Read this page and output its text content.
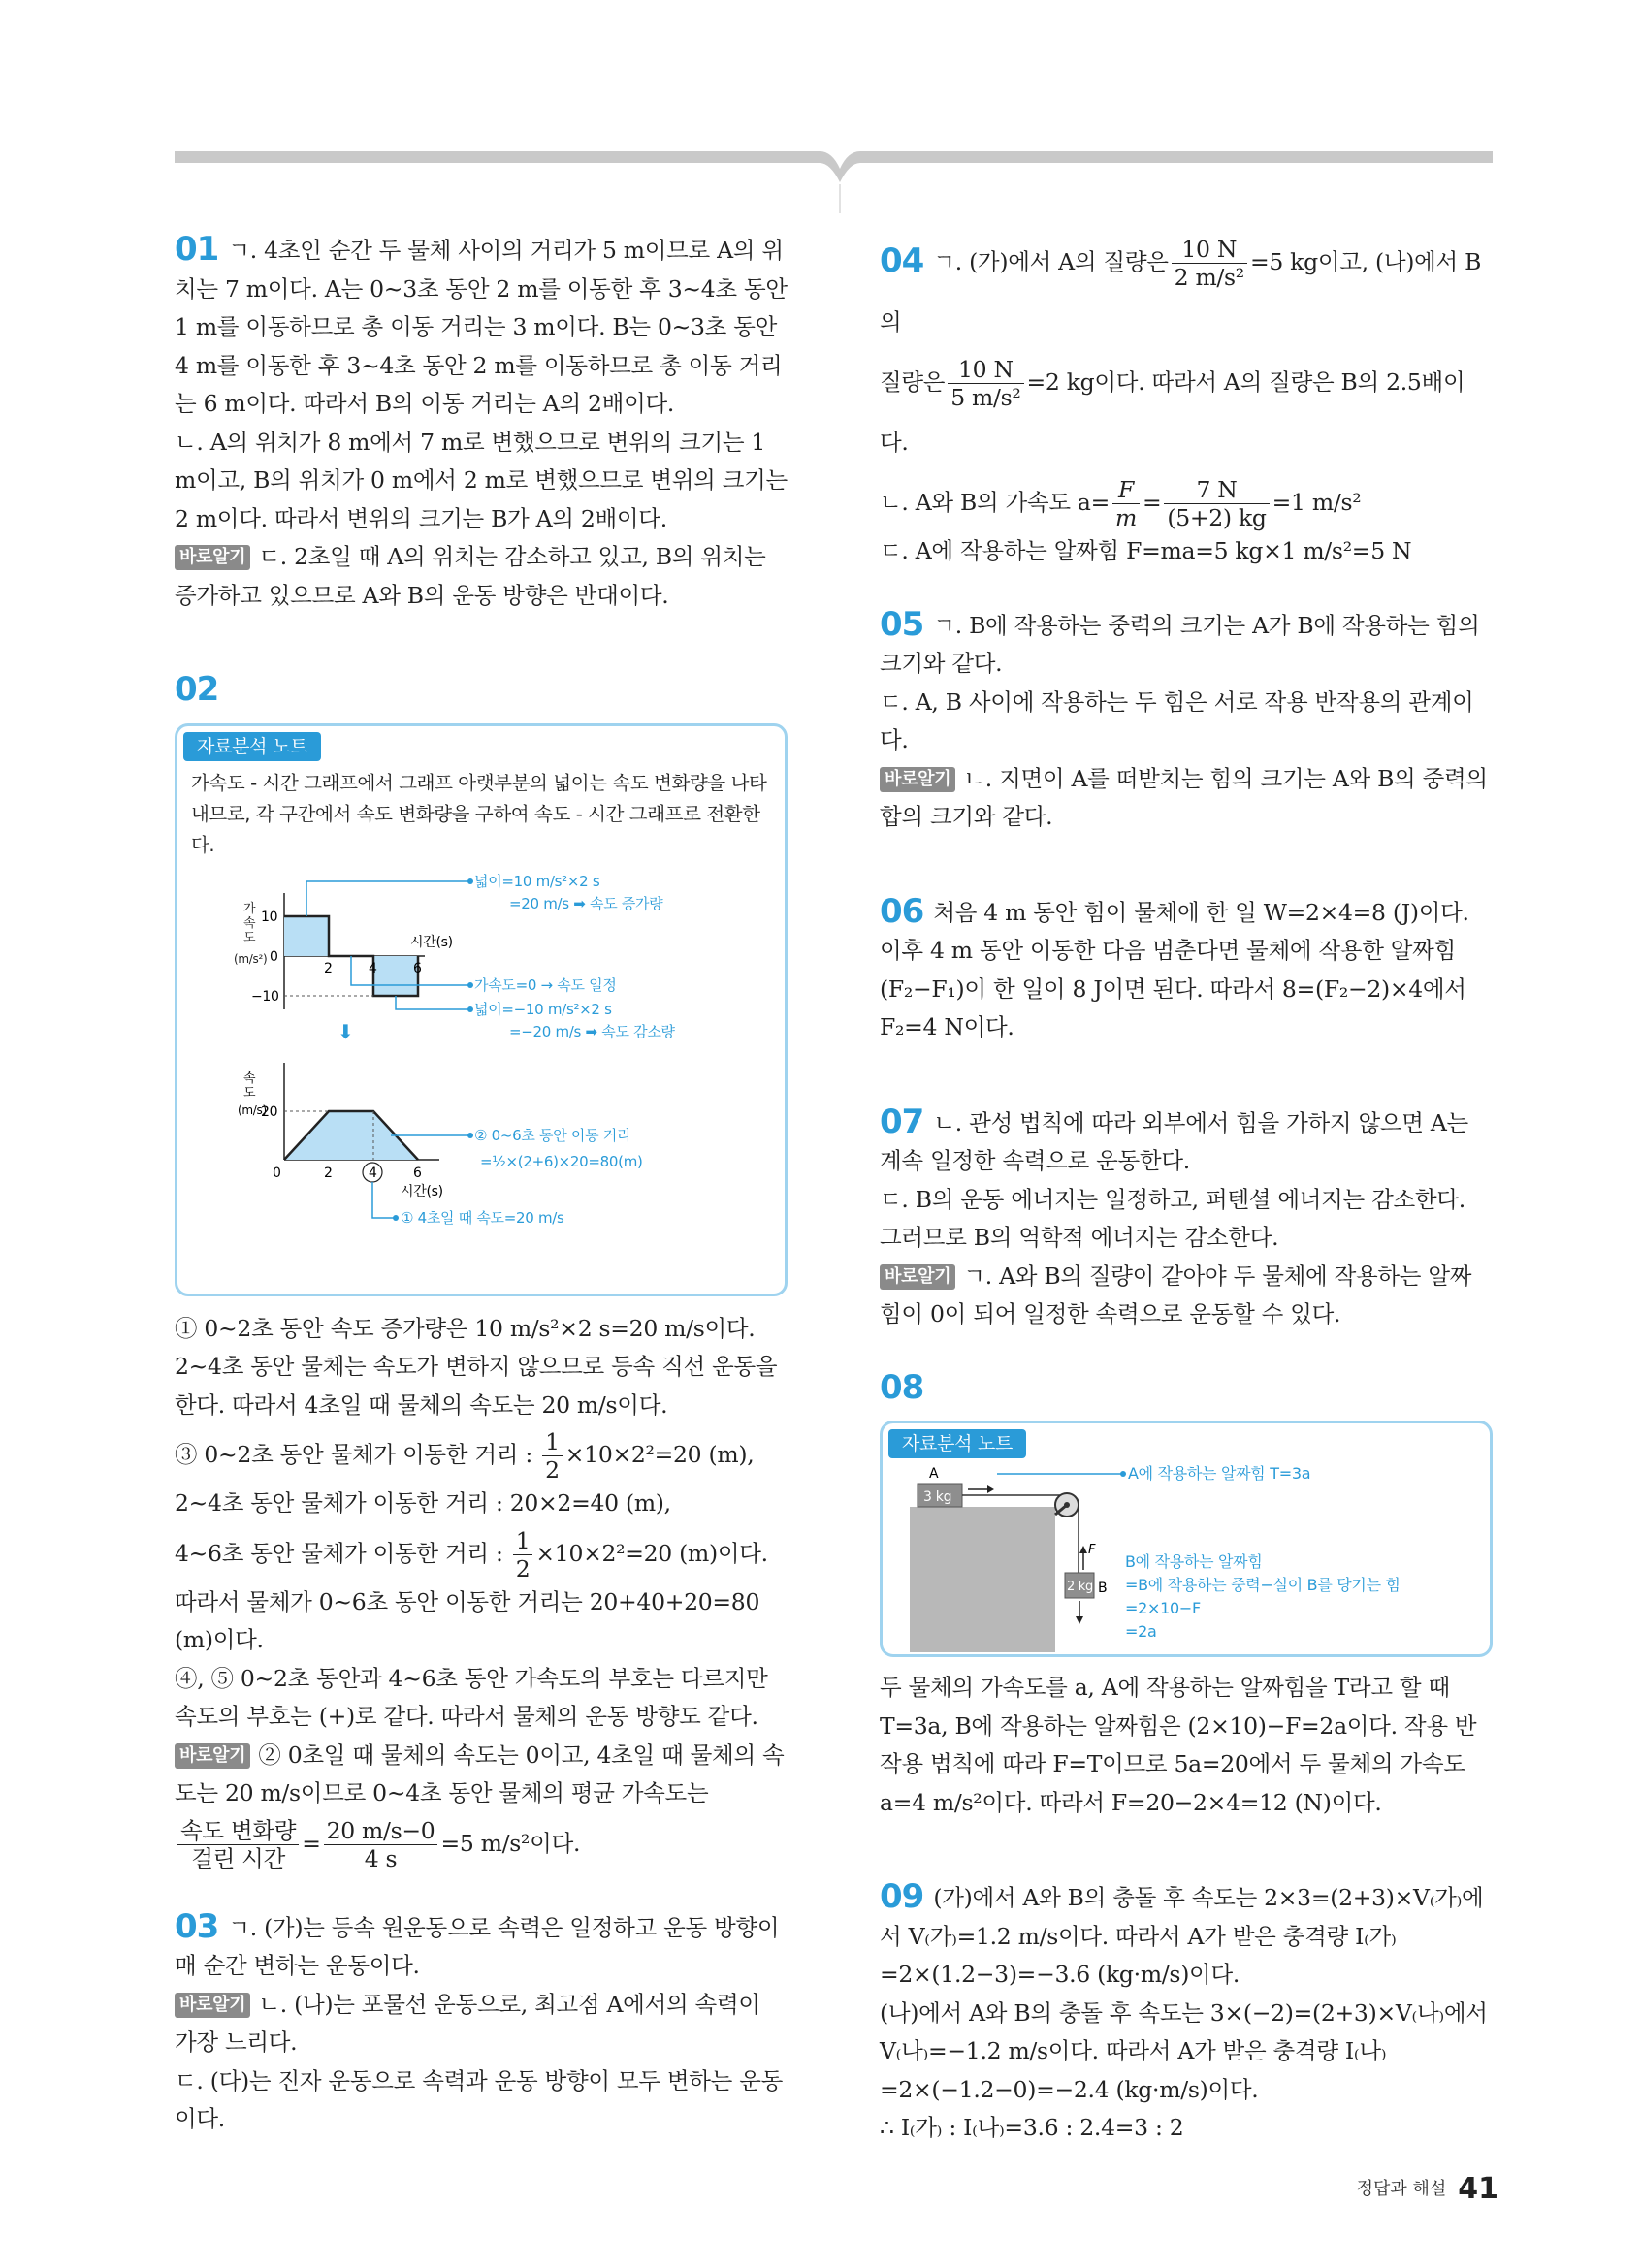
01 ㄱ. 4초인 순간 두 물체 사이의 거리가 5 m이므로 A의 위치는 7 m이다. A는 0~3초 동안 2 m를 이동한 후 3~4초 동안 1 m를 이동하므로 총 이동 거리는 3 m이다. B는 0~3초 동안 4 m를 이동한 후 3~4초 동안 2 m를 이동하므로 총 이동 거리는 6 m이다. 따라서 B의 이동 거리는 A의 2배이다.

ㄴ. A의 위치가 8 m에서 7 m로 변했으므로 변위의 크기는 1 m이고, B의 위치가 0 m에서 2 m로 변했으므로 변위의 크기는 2 m이다. 따라서 변위의 크기는 B가 A의 2배이다.

바로알기 ㄷ. 2초일 때 A의 위치는 감소하고 있고, B의 위치는 증가하고 있으므로 A와 B의 운동 방향은 반대이다.

02
자료분석 노트
가속도 - 시간 그래프에서 그래프 아랫부분의 넓이는 속도 변화량을 나타내므로, 각 구간에서 속도 변화량을 구하여 속도 - 시간 그래프로 전환한다.
가
속
도
(m/s²)
10
0
−10
2	4	6
시간(s)
넓이=10 m/s²×2 s
=20 m/s ➡ 속도 증가량
가속도=0 → 속도 일정
넓이=−10 m/s²×2 s
=−20 m/s ➡ 속도 감소량
⬇
속
도
(m/s)
20
0	2	4	6
시간(s)
② 0~6초 동안 이동 거리
=½×(2+6)×20=80(m)
① 4초일 때 속도=20 m/s

① 0~2초 동안 속도 증가량은 10 m/s²×2 s=20 m/s이다. 2~4초 동안 물체는 속도가 변하지 않으므로 등속 직선 운동을 한다. 따라서 4초일 때 물체의 속도는 20 m/s이다.

③ 0~2초 동안 물체가 이동한 거리 : $\frac{1}{2} \times 10\times 2^2=20$ (m),

2~4초 동안 물체가 이동한 거리 : 20×2=40 (m),

4~6초 동안 물체가 이동한 거리 : $\frac{1}{2} \times 10\times 2^2=20$ (m)이다.

따라서 물체가 0~6초 동안 이동한 거리는 20+40+20=80 (m)이다.

④, ⑤ 0~2초 동안과 4~6초 동안 가속도의 부호는 다르지만 속도의 부호는 (+)로 같다. 따라서 물체의 운동 방향도 같다.

바로알기 ② 0초일 때 물체의 속도는 0이고, 4초일 때 물체의 속도는 20 m/s이므로 0~4초 동안 물체의 평균 가속도는

$\frac{\text{속도 변화량}}{\text{걸린 시간}} = \frac{20 m/s-0}{4 s} =5$ m/s²이다.

03 ㄱ. (가)는 등속 원운동으로 속력은 일정하고 운동 방향이 매 순간 변하는 운동이다.

바로알기 ㄴ. (나)는 포물선 운동으로, 최고점 A에서의 속력이 가장 느리다.

ㄷ. (다)는 진자 운동으로 속력과 운동 방향이 모두 변하는 운동이다.

04 ㄱ. (가)에서 A의 질량은 $\frac{10 N}{\text{2 m/s²}} =5$ kg이고, (나)에서 B의

질량은 $\frac{10 N}{\text{5 m/s²}} =2$ kg이다. 따라서 A의 질량은 B의 2.5배이다.

ㄴ. A와 B의 가속도 $a= \frac{F}{m} = \frac{7 N}{(5+2) kg} =1$ m/s²

ㄷ. A에 작용하는 알짜힘 F=ma=5 kg×1 m/s²=5 N

05 ㄱ. B에 작용하는 중력의 크기는 A가 B에 작용하는 힘의 크기와 같다.

ㄷ. A, B 사이에 작용하는 두 힘은 서로 작용 반작용의 관계이다.

바로알기 ㄴ. 지면이 A를 떠받치는 힘의 크기는 A와 B의 중력의 합의 크기와 같다.

06 처음 4 m 동안 힘이 물체에 한 일 W=2×4=8 (J)이다. 이후 4 m 동안 이동한 다음 멈춘다면 물체에 작용한 알짜힘 (F₂−F₁)이 한 일이 8 J이면 된다. 따라서 8=(F₂−2)×4에서 F₂=4 N이다.

07 ㄴ. 관성 법칙에 따라 외부에서 힘을 가하지 않으면 A는 계속 일정한 속력으로 운동한다.

ㄷ. B의 운동 에너지는 일정하고, 퍼텐셜 에너지는 감소한다. 그러므로 B의 역학적 에너지는 감소한다.

바로알기 ㄱ. A와 B의 질량이 같아야 두 물체에 작용하는 알짜힘이 0이 되어 일정한 속력으로 운동할 수 있다.

08
자료분석 노트
3 kg
A
2 kg B
F
A에 작용하는 알짜힘 T=3a
B에 작용하는 알짜힘
=B에 작용하는 중력−실이 B를 당기는 힘
=2×10−F
=2a

두 물체의 가속도를 a, A에 작용하는 알짜힘을 T라고 할 때 T=3a, B에 작용하는 알짜힘은 (2×10)−F=2a이다. 작용 반작용 법칙에 따라 F=T이므로 5a=20에서 두 물체의 가속도 a=4 m/s²이다. 따라서 F=20−2×4=12 (N)이다.

09 (가)에서 A와 B의 충돌 후 속도는 2×3=(2+3)×V₍가₎에서 V₍가₎=1.2 m/s이다. 따라서 A가 받은 충격량 I₍가₎=2×(1.2−3)=−3.6 (kg·m/s)이다.

(나)에서 A와 B의 충돌 후 속도는 3×(−2)=(2+3)×V₍나₎에서 V₍나₎=−1.2 m/s이다. 따라서 A가 받은 충격량 I₍나₎=2×(−1.2−0)=−2.4 (kg·m/s)이다.

∴ I₍가₎ : I₍나₎=3.6 : 2.4=3 : 2

정답과 해설 41
